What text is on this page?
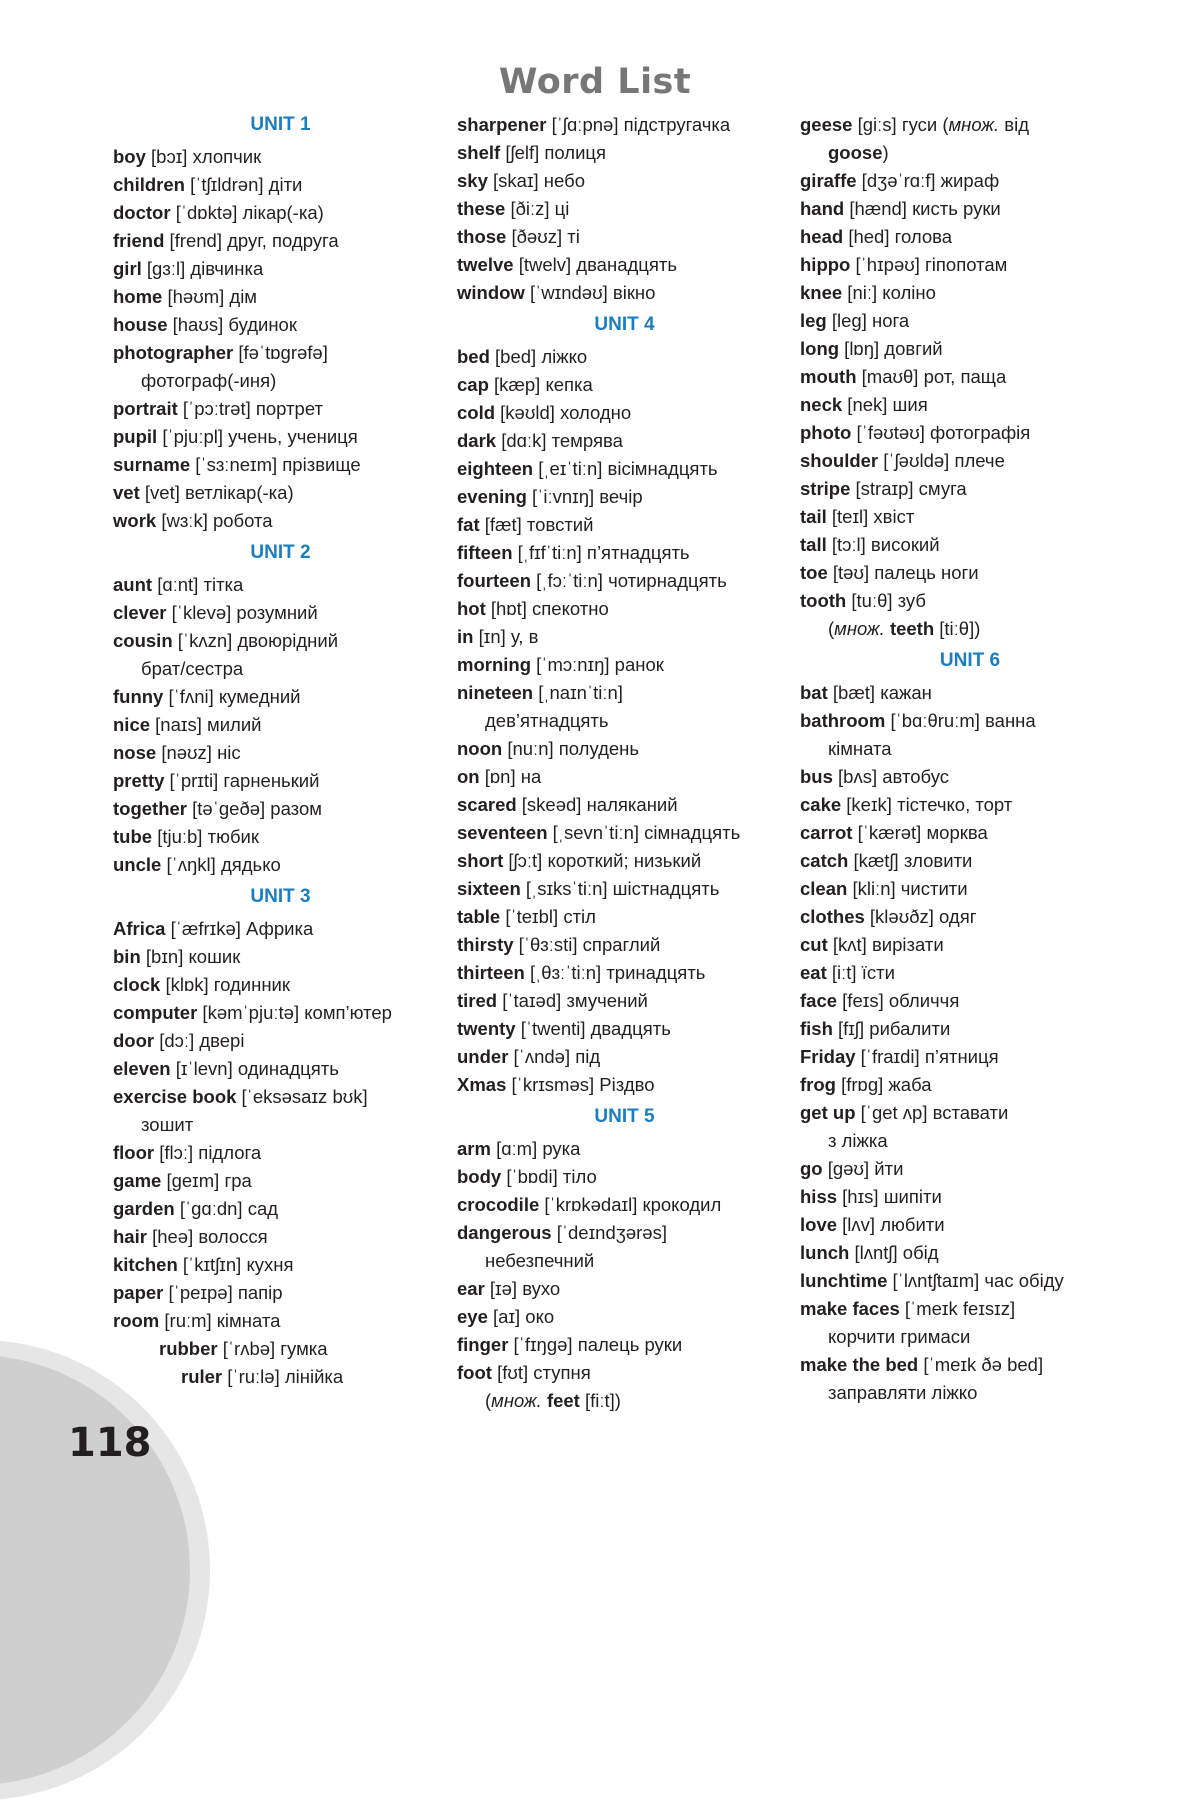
Word List
UNIT 1
boy [bɔɪ] хлопчик
children [ˈtʃɪldrən] діти
doctor [ˈdɒktə] лікар(-ка)
friend [frend] друг, подруга
girl [gɜːl] дівчинка
home [həʊm] дім
house [haʊs] будинок
photographer [fəˈtɒgrəfə]
фотограф(-иня)
portrait [ˈpɔːtrət] портрет
pupil [ˈpjuːpl] учень, учениця
surname [ˈsɜːneɪm] прізвище
vet [vet] ветлікар(-ка)
work [wɜːk] робота
UNIT 2
aunt [ɑːnt] тітка
clever [ˈklevə] розумний
cousin [ˈkʌzn] двоюрідний
брат/сестра
funny [ˈfʌni] кумедний
nice [naɪs] милий
nose [nəʊz] ніс
pretty [ˈprɪti] гарненький
together [təˈgeðə] разом
tube [tjuːb] тюбик
uncle [ˈʌŋkl] дядько
UNIT 3
Africa [ˈæfrɪkə] Африка
bin [bɪn] кошик
clock [klɒk] годинник
computer [kəmˈpjuːtə] комп’ютер
door [dɔː] двері
eleven [ɪˈlevn] одинадцять
exercise book [ˈeksəsaɪz bʊk]
зошит
floor [flɔː] підлога
game [geɪm] гра
garden [ˈgɑːdn] сад
hair [heə] волосся
kitchen [ˈkɪtʃɪn] кухня
paper [ˈpeɪpə] папір
room [ruːm] кімната
rubber [ˈrʌbə] гумка
ruler [ˈruːlə] лінійка
sharpener [ˈʃɑːpnə] підстругачка
shelf [ʃelf] полиця
sky [skaɪ] небо
these [ðiːz] ці
those [ðəʊz] ті
twelve [twelv] дванадцять
window [ˈwɪndəʊ] вікно
UNIT 4
bed [bed] ліжко
cap [kæp] кепка
cold [kəʊld] холодно
dark [dɑːk] темрява
eighteen [ˌeɪˈtiːn] вісімнадцять
evening [ˈiːvnɪŋ] вечір
fat [fæt] товстий
fifteen [ˌfɪfˈtiːn] п’ятнадцять
fourteen [ˌfɔːˈtiːn] чотирнадцять
hot [hɒt] спекотно
in [ɪn] у, в
morning [ˈmɔːnɪŋ] ранок
nineteen [ˌnaɪnˈtiːn]
дев’ятнадцять
noon [nuːn] полудень
on [ɒn] на
scared [skeəd] наляканий
seventeen [ˌsevnˈtiːn] сімнадцять
short [ʃɔːt] короткий; низький
sixteen [ˌsɪksˈtiːn] шістнадцять
table [ˈteɪbl] стіл
thirsty [ˈθɜːsti] спраглий
thirteen [ˌθɜːˈtiːn] тринадцять
tired [ˈtaɪəd] змучений
twenty [ˈtwenti] двадцять
under [ˈʌndə] під
Xmas [ˈkrɪsməs] Різдво
UNIT 5
arm [ɑːm] рука
body [ˈbɒdi] тіло
crocodile [ˈkrɒkədaɪl] крокодил
dangerous [ˈdeɪndʒərəs]
небезпечний
ear [ɪə] вухо
eye [aɪ] око
finger [ˈfɪŋgə] палець руки
foot [fʊt] ступня
(множ. feet [fiːt])
geese [giːs] гуси (множ. від
goose)
giraffe [dʒəˈrɑːf] жираф
hand [hænd] кисть руки
head [hed] голова
hippo [ˈhɪpəʊ] гіпопотам
knee [niː] коліно
leg [leg] нога
long [lɒŋ] довгий
mouth [maʊθ] рот, паща
neck [nek] шия
photo [ˈfəʊtəʊ] фотографія
shoulder [ˈʃəʊldə] плече
stripe [straɪp] смуга
tail [teɪl] хвіст
tall [tɔːl] високий
toe [təʊ] палець ноги
tooth [tuːθ] зуб
(множ. teeth [tiːθ])
UNIT 6
bat [bæt] кажан
bathroom [ˈbɑːθruːm] ванна
кімната
bus [bʌs] автобус
cake [keɪk] тістечко, торт
carrot [ˈkærət] морква
catch [kætʃ] зловити
clean [kliːn] чистити
clothes [kləʊðz] одяг
cut [kʌt] вирізати
eat [iːt] їсти
face [feɪs] обличчя
fish [fɪʃ] рибалити
Friday [ˈfraɪdi] п’ятниця
frog [frɒg] жаба
get up [ˈget ʌp] вставати
з ліжка
go [gəʊ] йти
hiss [hɪs] шипіти
love [lʌv] любити
lunch [lʌntʃ] обід
lunchtime [ˈlʌntʃtaɪm] час обіду
make faces [ˈmeɪk feɪsɪz]
корчити гримаси
make the bed [ˈmeɪk ðə bed]
заправляти ліжко
118
